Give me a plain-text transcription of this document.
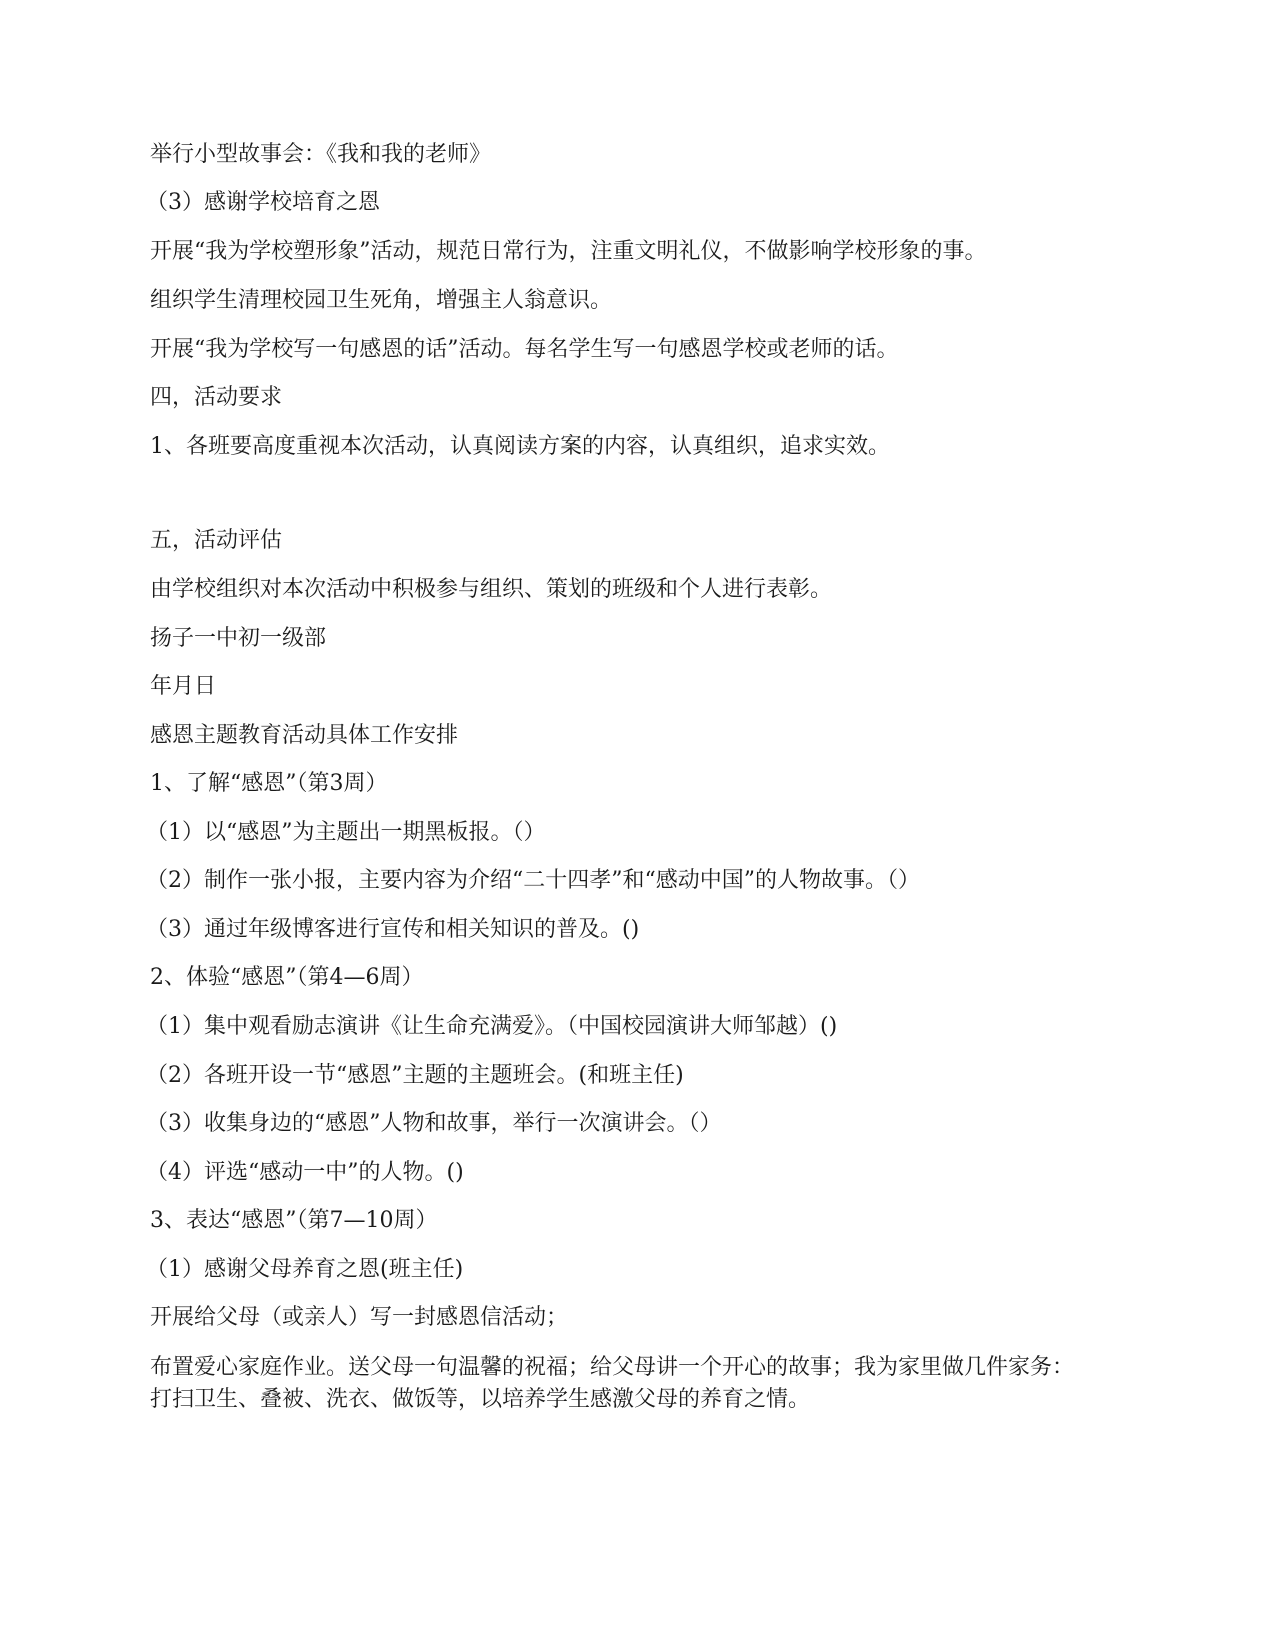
举行小型故事会：《我和我的老师》
（3）感谢学校培育之恩
开展“我为学校塑形象”活动，规范日常行为，注重文明礼仪，不做影响学校形象的事。
组织学生清理校园卫生死角，增强主人翁意识。
开展“我为学校写一句感恩的话”活动。每名学生写一句感恩学校或老师的话。
四，活动要求
1、各班要高度重视本次活动，认真阅读方案的内容，认真组织，追求实效。
五，活动评估
由学校组织对本次活动中积极参与组织、策划的班级和个人进行表彰。
扬子一中初一级部
年月日
感恩主题教育活动具体工作安排
1、了解“感恩”（第3周）
（1）以“感恩”为主题出一期黑板报。（）
（2）制作一张小报，主要内容为介绍“二十四孝”和“感动中国”的人物故事。（）
（3）通过年级博客进行宣传和相关知识的普及。()
2、体验“感恩”（第4—6周）
（1）集中观看励志演讲《让生命充满爱》。（中国校园演讲大师邹越）()
（2）各班开设一节“感恩”主题的主题班会。(和班主任)
（3）收集身边的“感恩”人物和故事，举行一次演讲会。（）
（4）评选“感动一中”的人物。()
3、表达“感恩”（第7—10周）
（1）感谢父母养育之恩(班主任)
开展给父母（或亲人）写一封感恩信活动；
布置爱心家庭作业。送父母一句温馨的祝福；给父母讲一个开心的故事；我为家里做几件家务：打扫卫生、叠被、洗衣、做饭等，以培养学生感激父母的养育之情。
